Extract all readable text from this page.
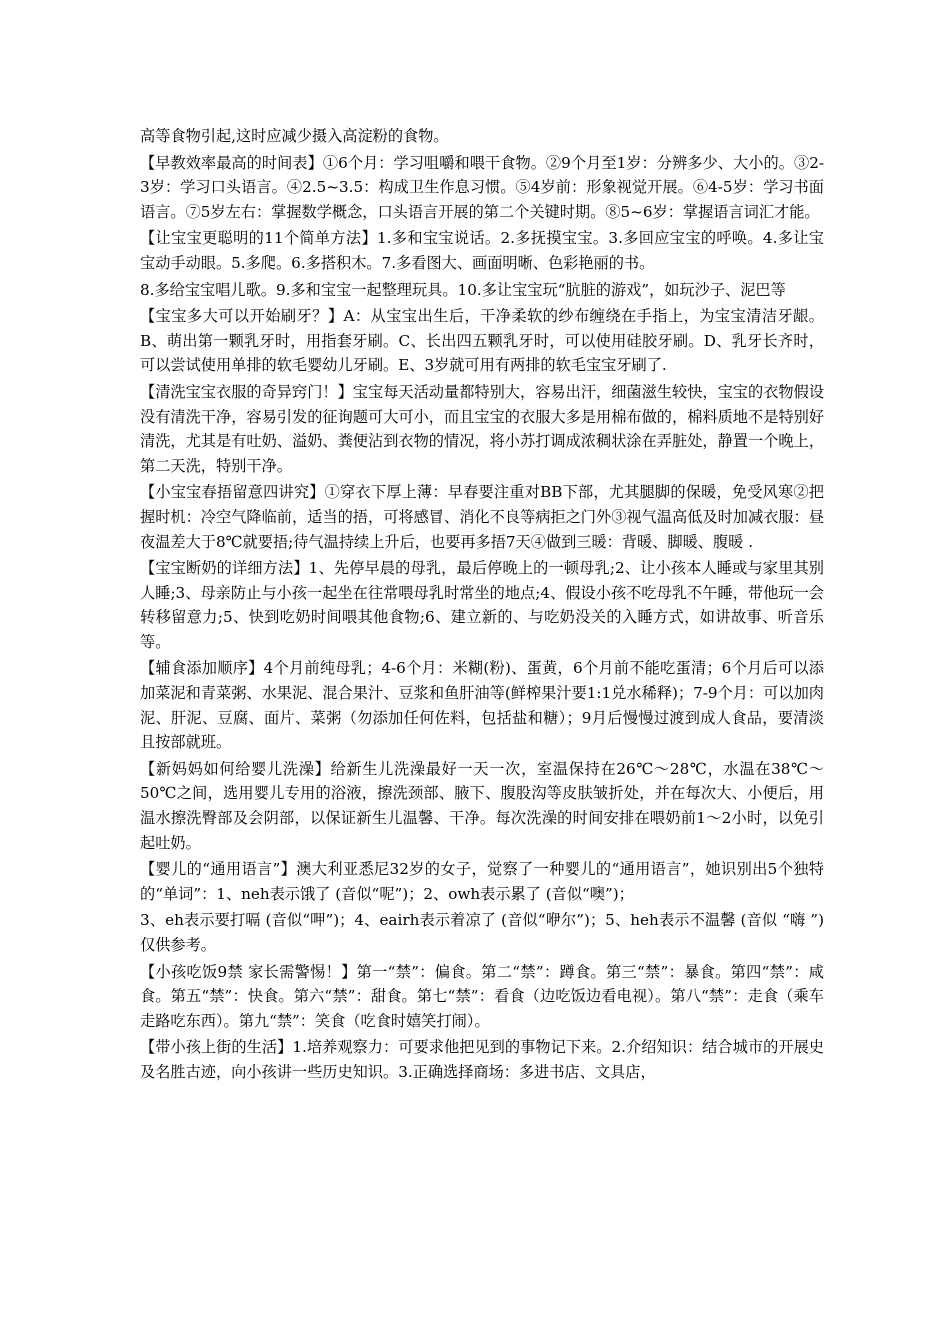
高等食物引起,这时应减少摄入高淀粉的食物。

【早教效率最高的时间表】①6个月：学习咀嚼和喂干食物。②9个月至1岁：分辨多少、大小的。③2-3岁：学习口头语言。④2.5~3.5：构成卫生作息习惯。⑤4岁前：形象视觉开展。⑥4-5岁：学习书面语言。⑦5岁左右：掌握数学概念，口头语言开展的第二个关键时期。⑧5~6岁：掌握语言词汇才能。

【让宝宝更聪明的11个简单方法】1.多和宝宝说话。2.多抚摸宝宝。3.多回应宝宝的呼唤。4.多让宝宝动手动眼。5.多爬。6.多搭积木。7.多看图大、画面明晰、色彩艳丽的书。

8.多给宝宝唱儿歌。9.多和宝宝一起整理玩具。10.多让宝宝玩“肮脏的游戏”，如玩沙子、泥巴等

【宝宝多大可以开始刷牙？】A：从宝宝出生后，干净柔软的纱布缠绕在手指上，为宝宝清洁牙龈。B、萌出第一颗乳牙时，用指套牙刷。C、长出四五颗乳牙时，可以使用硅胶牙刷。D、乳牙长齐时，可以尝试使用单排的软毛婴幼儿牙刷。E、3岁就可用有两排的软毛宝宝牙刷了.

【清洗宝宝衣服的奇异窍门！】宝宝每天活动量都特别大，容易出汗，细菌滋生较快，宝宝的衣物假设没有清洗干净，容易引发的征询题可大可小，而且宝宝的衣服大多是用棉布做的，棉料质地不是特别好清洗，尤其是有吐奶、溢奶、粪便沾到衣物的情况，将小苏打调成浓稠状涂在弄脏处，静置一个晚上，第二天洗，特别干净。

【小宝宝春捂留意四讲究】①穿衣下厚上薄：早春要注重对BB下部，尤其腿脚的保暖，免受风寒②把握时机：冷空气降临前，适当的捂，可将感冒、消化不良等病拒之门外③视气温高低及时加减衣服：昼夜温差大于8℃就要捂;待气温持续上升后，也要再多捂7天④做到三暖：背暖、脚暖、腹暖 .

【宝宝断奶的详细方法】1、先停早晨的母乳，最后停晚上的一顿母乳;2、让小孩本人睡或与家里其别人睡;3、母亲防止与小孩一起坐在往常喂母乳时常坐的地点;4、假设小孩不吃母乳不午睡，带他玩一会转移留意力;5、快到吃奶时间喂其他食物;6、建立新的、与吃奶没关的入睡方式，如讲故事、听音乐等。

【辅食添加顺序】4个月前纯母乳；4-6个月：米糊(粉)、蛋黄，6个月前不能吃蛋清；6个月后可以添加菜泥和青菜粥、水果泥、混合果汁、豆浆和鱼肝油等(鲜榨果汁要1:1兑水稀释)；7-9个月：可以加肉泥、肝泥、豆腐、面片、菜粥（勿添加任何佐料，包括盐和糖）；9月后慢慢过渡到成人食品，要清淡且按部就班。

【新妈妈如何给婴儿洗澡】给新生儿洗澡最好一天一次，室温保持在26℃～28℃，水温在38℃～50℃之间，选用婴儿专用的浴液，擦洗颈部、腋下、腹股沟等皮肤皱折处，并在每次大、小便后，用温水擦洗臀部及会阴部，以保证新生儿温馨、干净。每次洗澡的时间安排在喂奶前1～2小时，以免引起吐奶。

【婴儿的“通用语言”】澳大利亚悉尼32岁的女子，觉察了一种婴儿的“通用语言”，她识别出5个独特的“单词”：1、neh表示饿了 (音似“呢”)；2、owh表示累了 (音似“噢”)；

3、eh表示要打嗝 (音似“呷”)；4、eairh表示着凉了 (音似“咿尔”)；5、heh表示不温馨 (音似 “嗨 ”) 仅供参考。

【小孩吃饭9禁 家长需警惕！】第一“禁”：偏食。第二“禁”：蹲食。第三“禁”：暴食。第四“禁”：咸食。第五“禁”：快食。第六“禁”：甜食。第七“禁”：看食（边吃饭边看电视）。第八“禁”：走食（乘车走路吃东西）。第九“禁”：笑食（吃食时嬉笑打闹）。

【带小孩上街的生活】1.培养观察力：可要求他把见到的事物记下来。2.介绍知识：结合城市的开展史及名胜古迹，向小孩讲一些历史知识。3.正确选择商场：多进书店、文具店，
